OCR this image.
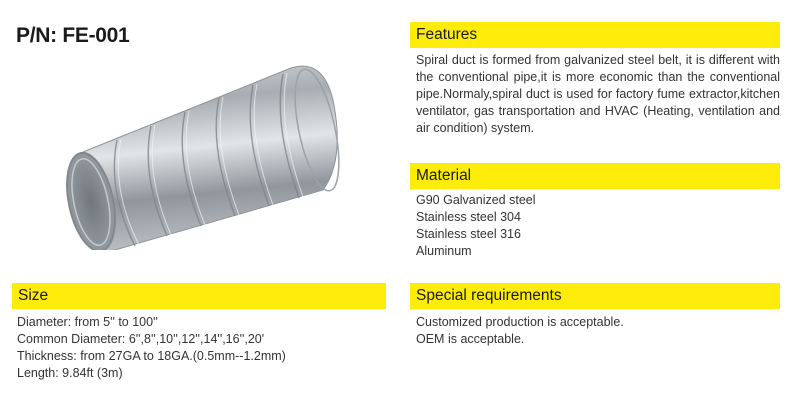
P/N: FE-001	Features
Spiral duct is formed from galvanized steel belt, it is different with the conventional pipe,it is more economic than the conventional pipe.Normaly,spiral duct is used for factory fume extractor,kitchen ventilator, gas transportation and HVAC (Heating, ventilation and air condition) system.
Material
G90 Galvanized steel
Stainless steel 304
Stainless steel 316
Aluminum
Size
Diameter: from 5'' to 100''
Common Diameter: 6'',8'',10'',12'',14'',16'',20'
Thickness: from 27GA to 18GA.(0.5mm--1.2mm)
Length: 9.84ft (3m)
Special requirements
Customized production is acceptable.
OEM is acceptable.
